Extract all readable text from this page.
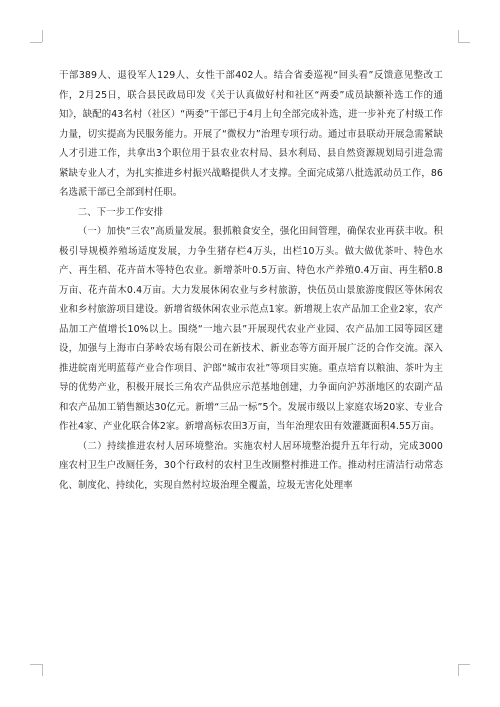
干部389人、退役军人129人、女性干部402人。结合省委巡视“回头看”反馈意见整改工作，2月25日，联合县民政局印发《关于认真做好村和社区“两委”成员缺额补选工作的通知》，缺配的43名村（社区）“两委”干部已于4月上旬全部完成补选，进一步补充了村级工作力量，切实提高为民服务能力。开展了“微权力”治理专项行动。通过市县联动开展急需紧缺人才引进工作，共拿出3个职位用于县农业农村局、县水利局、县自然资源规划局引进急需紧缺专业人才，为扎实推进乡村振兴战略提供人才支撑。全面完成第八批选派动员工作，86名选派干部已全部到村任职。

二、下一步工作安排

（一）加快“三农”高质量发展。狠抓粮食安全，强化田间管理，确保农业再获丰收。积极引导规模养殖场适度发展，力争生猪存栏4万头，出栏10万头。做大做优茶叶、特色水产、再生稻、花卉苗木等特色农业。新增茶叶0.5万亩、特色水产养殖0.4万亩、再生稻0.8万亩、花卉苗木0.4万亩。大力发展休闲农业与乡村旅游，快伍员山景旅游度假区等休闲农业和乡村旅游项目建设。新增省级休闲农业示范点1家。新增规上农产品加工企业2家，农产品加工产值增长10%以上。围绕“一地六县”开展现代农业产业园、农产品加工园等园区建设，加强与上海市白茅岭农场有限公司在新技术、新业态等方面开展广泛的合作交流。深入推进皖南光明蓝莓产业合作项目、沪郎“城市农社”等项目实施。重点培育以粮油、茶叶为主导的优势产业，积极开展长三角农产品供应示范基地创建，力争面向沪苏浙地区的农副产品和农产品加工销售额达30亿元。新增“三品一标”5个。发展市级以上家庭农场20家、专业合作社4家、产业化联合体2家。新增高标农田3万亩，当年治理农田有效灌溉面积4.55万亩。

（二）持续推进农村人居环境整治。实施农村人居环境整治提升五年行动，完成3000座农村卫生户改厕任务，30个行政村的农村卫生改厕整村推进工作。推动村庄清洁行动常态化、制度化、持续化，实现自然村垃圾治理全覆盖，垃圾无害化处理率
